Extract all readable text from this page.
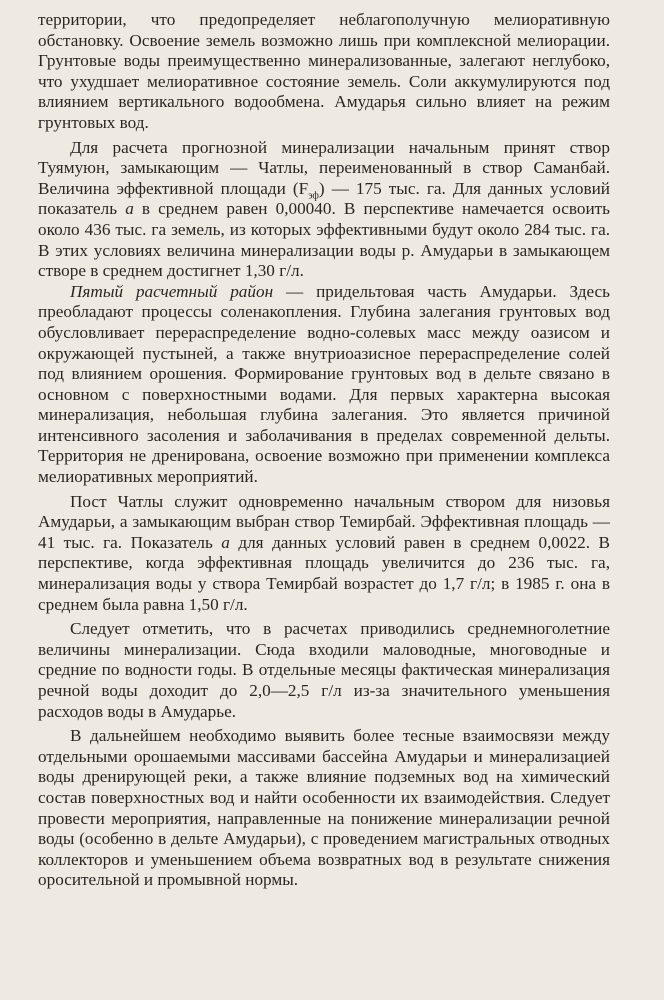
территории, что предопределяет неблагополучную мелиоративную обстановку. Освоение земель возможно лишь при комплексной мелиорации. Грунтовые воды преимущественно минерализованные, залегают неглубоко, что ухудшает мелиоративное состояние земель. Соли аккумулируются под влиянием вертикального водообмена. Амударья сильно влияет на режим грунтовых вод.

Для расчета прогнозной минерализации начальным принят створ Туямуюн, замыкающим — Чатлы, переименованный в створ Саманбай. Величина эффективной площади $(F_{эф})$ — 175 тыс. га. Для данных условий показатель a в среднем равен 0,00040. В перспективе намечается освоить около 436 тыс. га земель, из которых эффективными будут около 284 тыс. га. В этих условиях величина минерализации воды р. Амударьи в замыкающем створе в среднем достигнет 1,30 г/л.

Пятый расчетный район — придельтовая часть Амударьи. Здесь преобладают процессы соленакопления. Глубина залегания грунтовых вод обусловливает перераспределение водно-солевых масс между оазисом и окружающей пустыней, а также внутриоазисное перераспределение солей под влиянием орошения. Формирование грунтовых вод в дельте связано в основном с поверхностными водами. Для первых характерна высокая минерализация, небольшая глубина залегания. Это является причиной интенсивного засоления и заболачивания в пределах современной дельты. Территория не дренирована, освоение возможно при применении комплекса мелиоративных мероприятий.

Пост Чатлы служит одновременно начальным створом для низовья Амударьи, а замыкающим выбран створ Темирбай. Эффективная площадь — 41 тыс. га. Показатель a для данных условий равен в среднем 0,0022. В перспективе, когда эффективная площадь увеличится до 236 тыс. га, минерализация воды у створа Темирбай возрастет до 1,7 г/л; в 1985 г. она в среднем была равна 1,50 г/л.

Следует отметить, что в расчетах приводились среднемноголетние величины минерализации. Сюда входили маловодные, многоводные и средние по водности годы. В отдельные месяцы фактическая минерализация речной воды доходит до 2,0—2,5 г/л из-за значительного уменьшения расходов воды в Амударье.

В дальнейшем необходимо выявить более тесные взаимосвязи между отдельными орошаемыми массивами бассейна Амударьи и минерализацией воды дренирующей реки, а также влияние подземных вод на химический состав поверхностных вод и найти особенности их взаимодействия. Следует провести мероприятия, направленные на понижение минерализации речной воды (особенно в дельте Амударьи), с проведением магистральных отводных коллекторов и уменьшением объема возвратных вод в результате снижения оросительной и промывной нормы.
